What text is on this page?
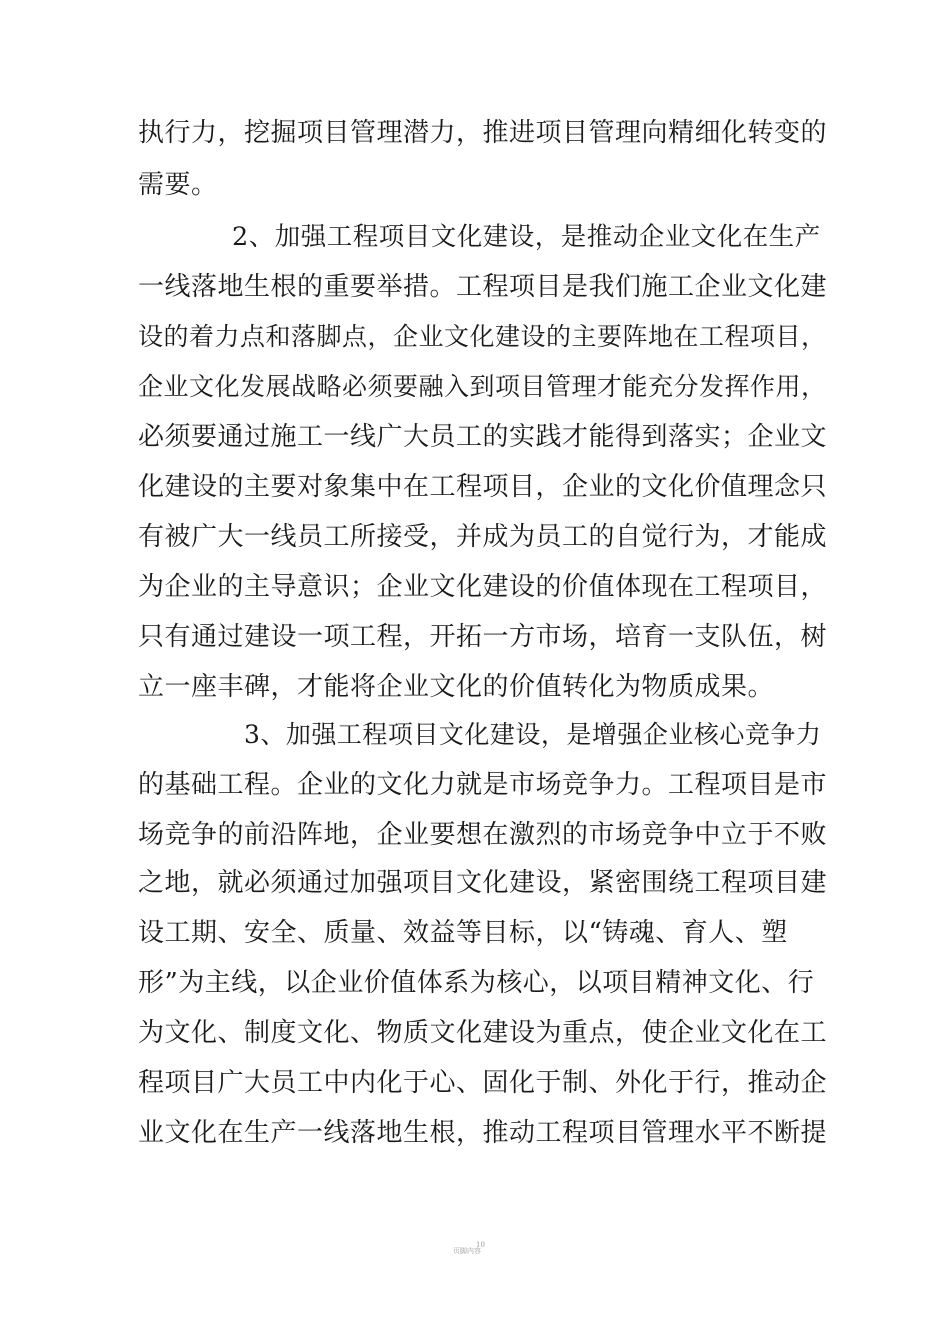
执行力，挖掘项目管理潜力，推进项目管理向精细化转变的
需要。
2、加强工程项目文化建设，是推动企业文化在生产
一线落地生根的重要举措。工程项目是我们施工企业文化建
设的着力点和落脚点，企业文化建设的主要阵地在工程项目，
企业文化发展战略必须要融入到项目管理才能充分发挥作用，
必须要通过施工一线广大员工的实践才能得到落实；企业文
化建设的主要对象集中在工程项目，企业的文化价值理念只
有被广大一线员工所接受，并成为员工的自觉行为，才能成
为企业的主导意识；企业文化建设的价值体现在工程项目，
只有通过建设一项工程，开拓一方市场，培育一支队伍，树
立一座丰碑，才能将企业文化的价值转化为物质成果。
3、加强工程项目文化建设，是增强企业核心竞争力
的基础工程。企业的文化力就是市场竞争力。工程项目是市
场竞争的前沿阵地，企业要想在激烈的市场竞争中立于不败
之地，就必须通过加强项目文化建设，紧密围绕工程项目建
设工期、安全、质量、效益等目标，以“铸魂、育人、塑
形”为主线，以企业价值体系为核心，以项目精神文化、行
为文化、制度文化、物质文化建设为重点，使企业文化在工
程项目广大员工中内化于心、固化于制、外化于行，推动企
业文化在生产一线落地生根，推动工程项目管理水平不断提
页脚内容
10
